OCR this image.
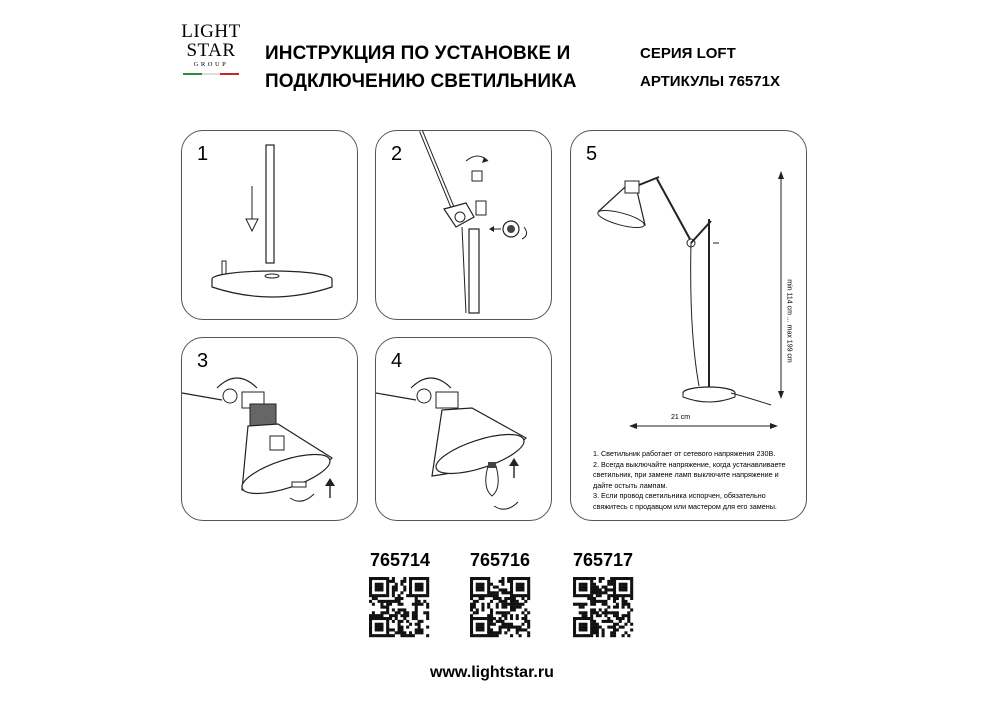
LIGHT
STAR
GROUP
ИНСТРУКЦИЯ ПО УСТАНОВКЕ И
ПОДКЛЮЧЕНИЮ СВЕТИЛЬНИКА
СЕРИЯ LOFT
АРТИКУЛЫ 76571X
1	2
3	4
5
min 114 cm ... max 199 cm
21 cm
1. Светильник работает от сетевого напряжения 230В.
2. Всегда выключайте напряжение, когда устанавливаете светильник, при замене ламп выключите напряжение и дайте остыть лампам.
3. Если провод светильника испорчен, обязательно свяжитесь с продавцом или мастером для его замены.
765714 765716 765717
www.lightstar.ru
